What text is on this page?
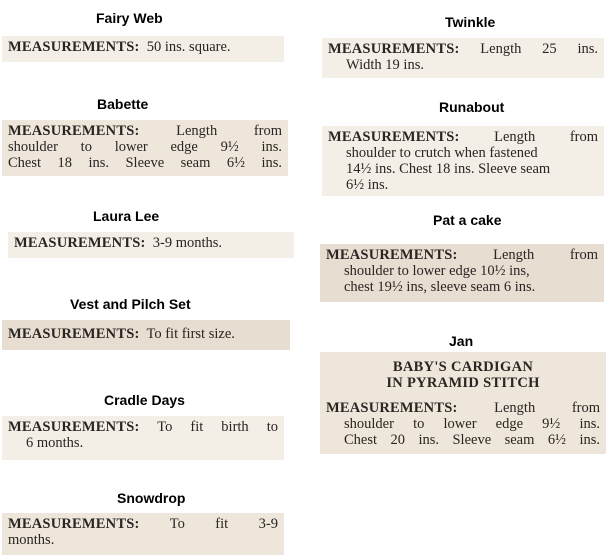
Fairy Web
MEASUREMENTS: 50 ins. square.
Babette
MEASUREMENTS:	Length from
shoulder to lower edge 9½ ins.
Chest 18 ins. Sleeve seam 6½ ins.
Laura Lee
MEASUREMENTS: 3-9 months.
Vest and Pilch Set
MEASUREMENTS: To fit first size.
Cradle Days
MEASUREMENTS: To fit birth to
6 months.
Snowdrop
MEASUREMENTS: To fit 3-9
months.
Twinkle
MEASUREMENTS: Length 25 ins.
Width 19 ins.
Runabout
MEASUREMENTS: Length from
shoulder to crutch when fastened
14½ ins. Chest 18 ins. Sleeve seam
6½ ins.
Pat a cake
MEASUREMENTS: Length from
shoulder to lower edge 10½ ins,
chest 19½ ins, sleeve seam 6 ins.
Jan
BABY'S CARDIGAN
IN PYRAMID STITCH
MEASUREMENTS:	Length from
shoulder to lower edge 9½ ins.
Chest 20 ins. Sleeve seam 6½ ins.
